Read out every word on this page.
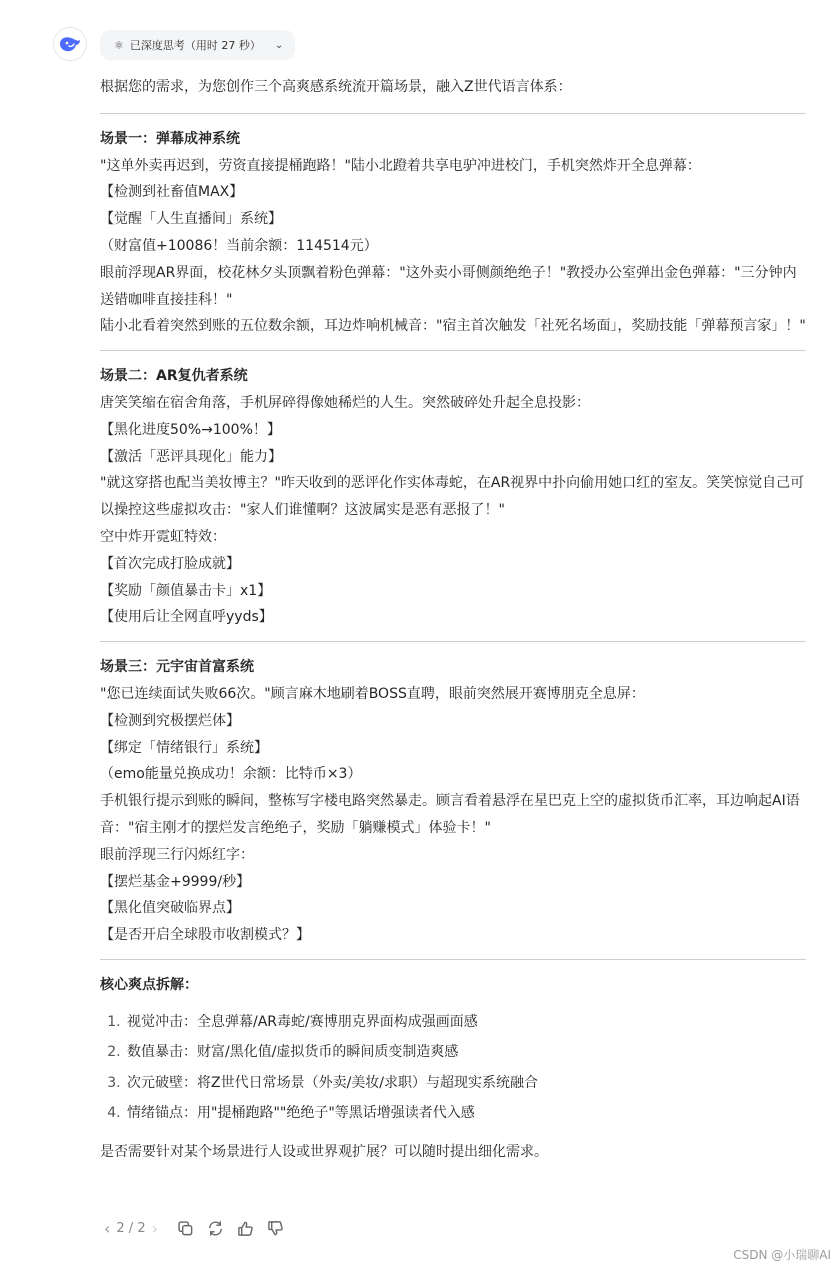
⚛ 已深度思考（用时 27 秒） ⌄

根据您的需求，为您创作三个高爽感系统流开篇场景，融入Z世代语言体系：

场景一：弹幕成神系统

"这单外卖再迟到，劳资直接提桶跑路！"陆小北蹬着共享电驴冲进校门，手机突然炸开全息弹幕：
【检测到社畜值MAX】
【觉醒「人生直播间」系统】
（财富值+10086！当前余额：114514元）
眼前浮现AR界面，校花林夕头顶飘着粉色弹幕："这外卖小哥侧颜绝绝子！"教授办公室弹出金色弹幕："三分钟内送错咖啡直接挂科！"
陆小北看着突然到账的五位数余额，耳边炸响机械音："宿主首次触发「社死名场面」，奖励技能「弹幕预言家」！"

场景二：AR复仇者系统

唐笑笑缩在宿舍角落，手机屏碎得像她稀烂的人生。突然破碎处升起全息投影：
【黑化进度50%→100%！】
【激活「恶评具现化」能力】
"就这穿搭也配当美妆博主？"昨天收到的恶评化作实体毒蛇，在AR视界中扑向偷用她口红的室友。笑笑惊觉自己可以操控这些虚拟攻击："家人们谁懂啊？这波属实是恶有恶报了！"
空中炸开霓虹特效：
【首次完成打脸成就】
【奖励「颜值暴击卡」x1】
【使用后让全网直呼yyds】

场景三：元宇宙首富系统

"您已连续面试失败66次。"顾言麻木地刷着BOSS直聘，眼前突然展开赛博朋克全息屏：
【检测到究极摆烂体】
【绑定「情绪银行」系统】
（emo能量兑换成功！余额：比特币×3）
手机银行提示到账的瞬间，整栋写字楼电路突然暴走。顾言看着悬浮在星巴克上空的虚拟货币汇率，耳边响起AI语音："宿主刚才的摆烂发言绝绝子，奖励「躺赚模式」体验卡！"
眼前浮现三行闪烁红字：
【摆烂基金+9999/秒】
【黑化值突破临界点】
【是否开启全球股市收割模式？】

核心爽点拆解：

1. 视觉冲击：全息弹幕/AR毒蛇/赛博朋克界面构成强画面感
2. 数值暴击：财富/黑化值/虚拟货币的瞬间质变制造爽感
3. 次元破壁：将Z世代日常场景（外卖/美妆/求职）与超现实系统融合
4. 情绪锚点：用"提桶跑路""绝绝子"等黑话增强读者代入感

是否需要针对某个场景进行人设或世界观扩展？可以随时提出细化需求。

‹ 2 / 2 ›
CSDN @小瑞聊AI
